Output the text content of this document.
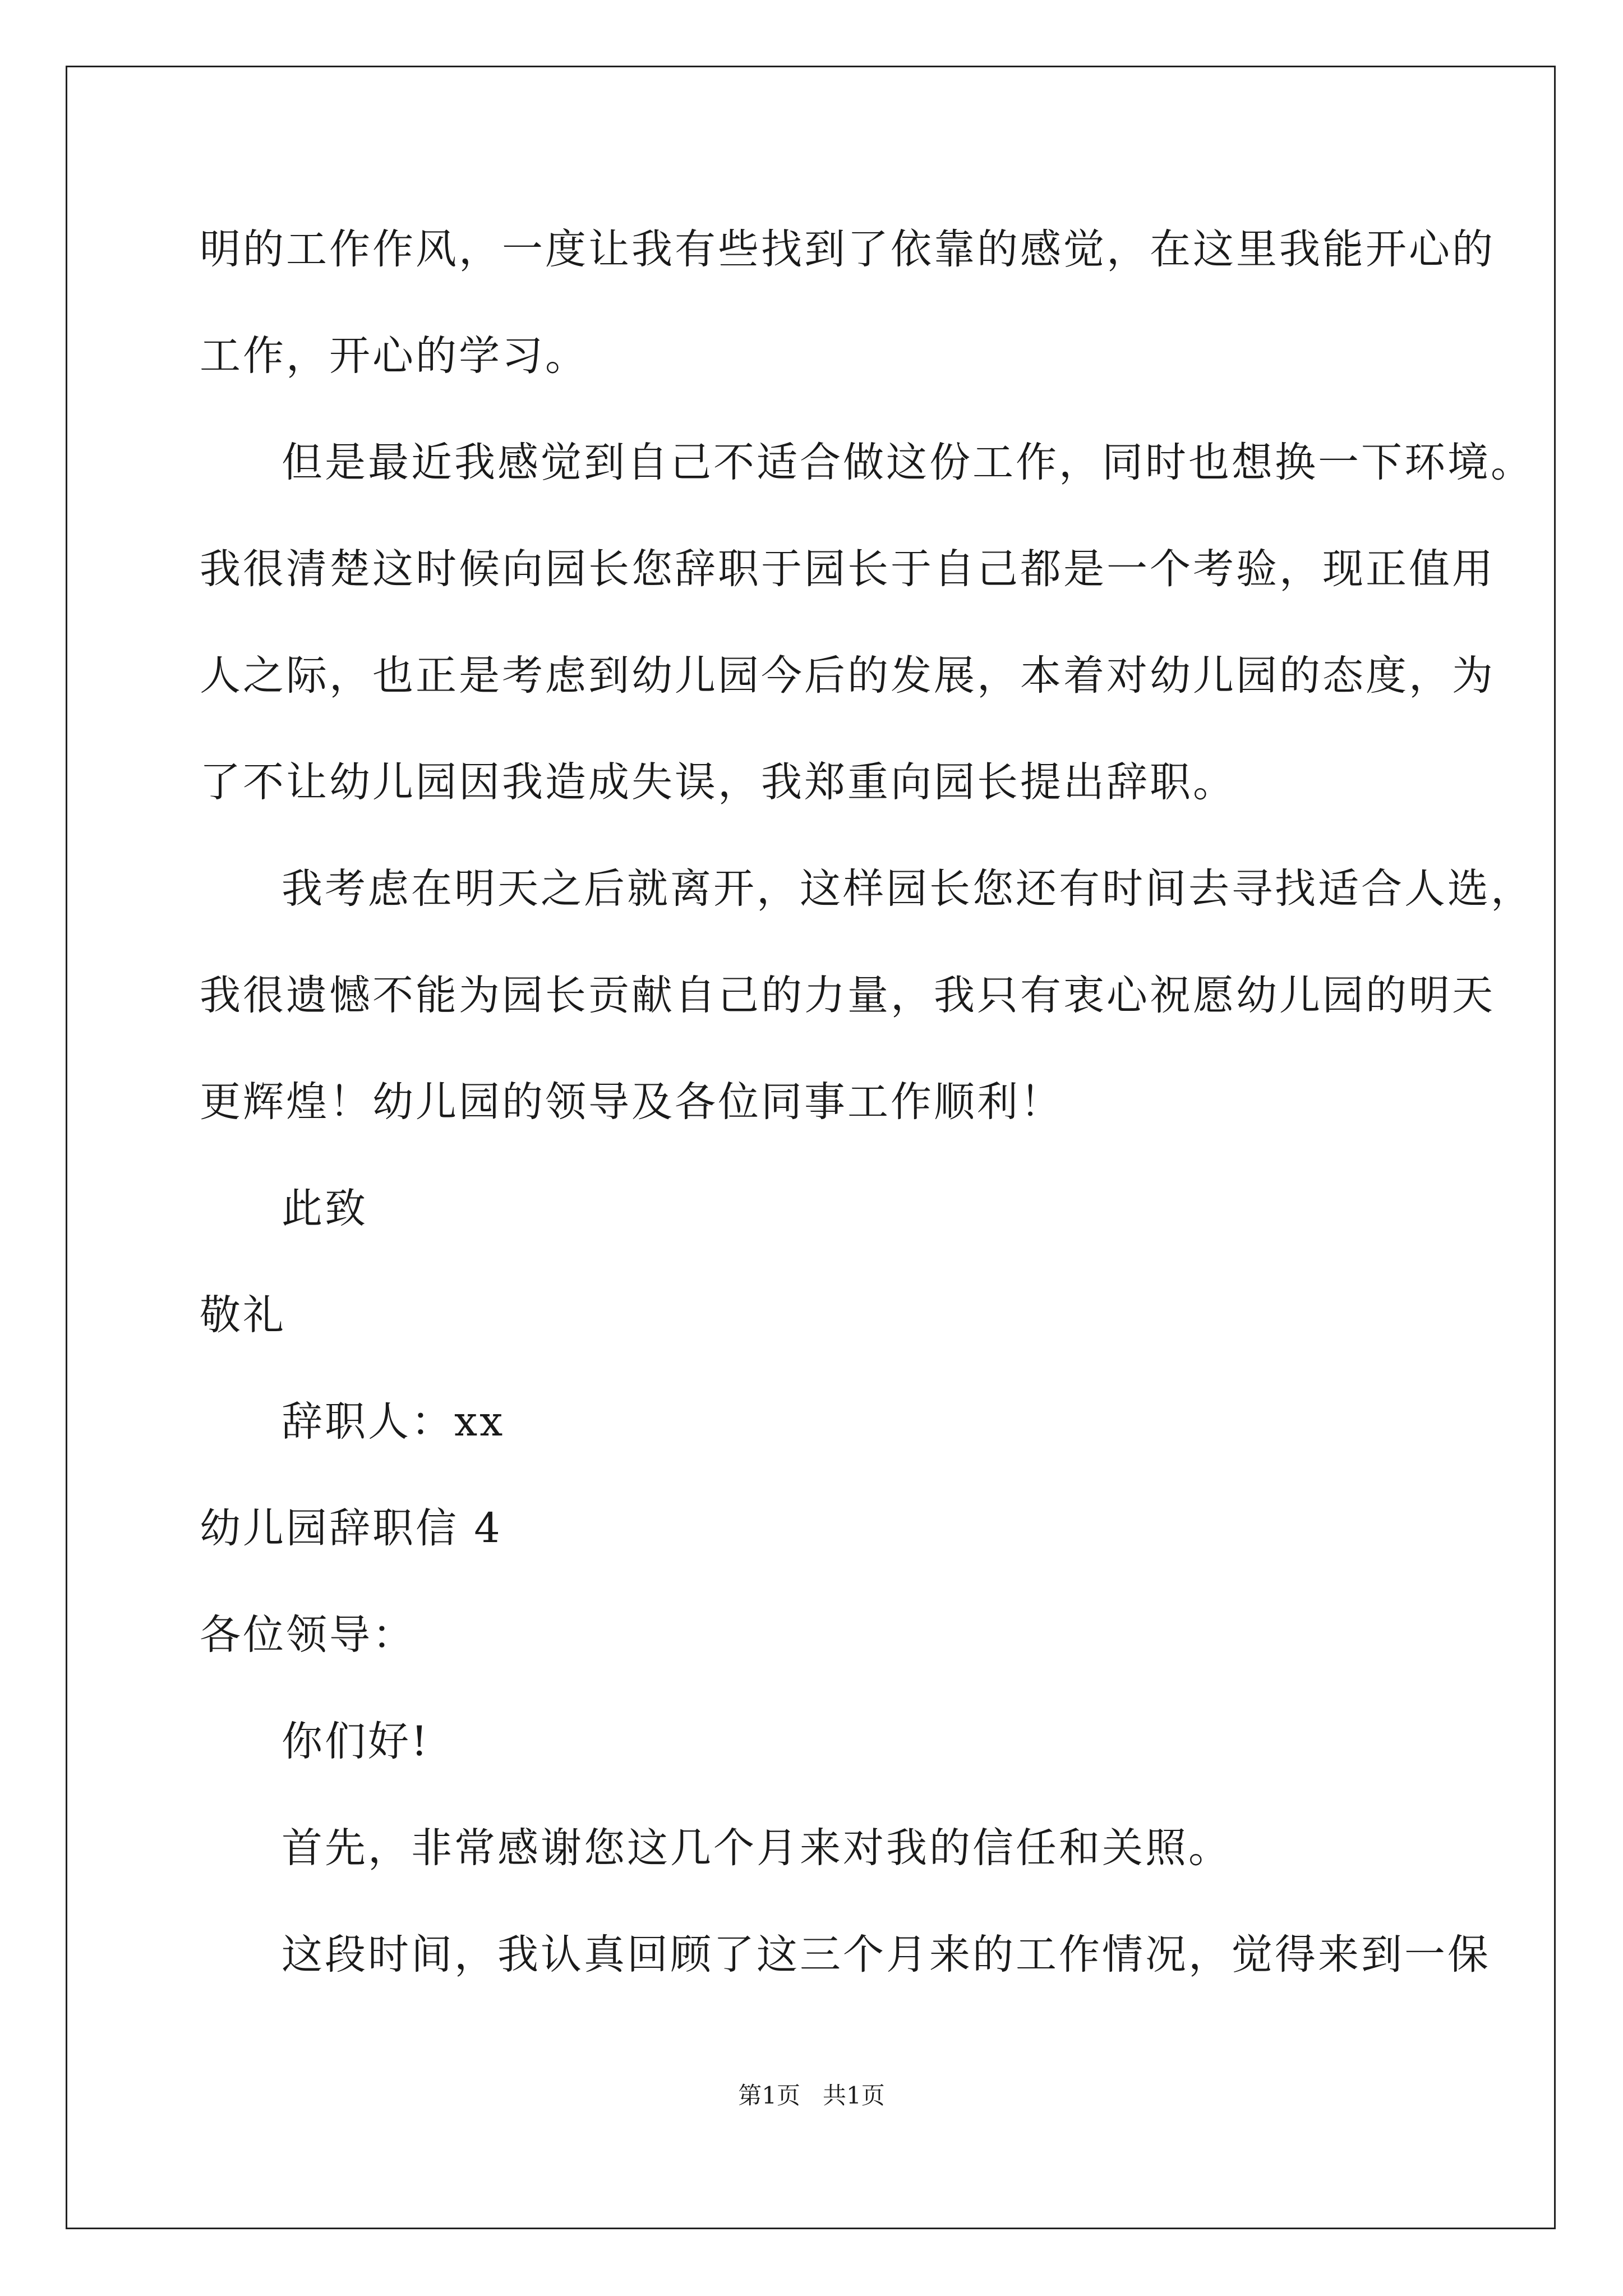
明的工作作风，一度让我有些找到了依靠的感觉，在这里我能开心的
工作，开心的学习。
但是最近我感觉到自己不适合做这份工作，同时也想换一下环境。
我很清楚这时候向园长您辞职于园长于自己都是一个考验，现正值用
人之际，也正是考虑到幼儿园今后的发展，本着对幼儿园的态度，为
了不让幼儿园因我造成失误，我郑重向园长提出辞职。
我考虑在明天之后就离开，这样园长您还有时间去寻找适合人选，
我很遗憾不能为园长贡献自己的力量，我只有衷心祝愿幼儿园的明天
更辉煌！幼儿园的领导及各位同事工作顺利！
此致
敬礼
辞职人：xx
幼儿园辞职信 4
各位领导：
你们好!
首先，非常感谢您这几个月来对我的信任和关照。
这段时间，我认真回顾了这三个月来的工作情况，觉得来到一保
第1页   共1页
